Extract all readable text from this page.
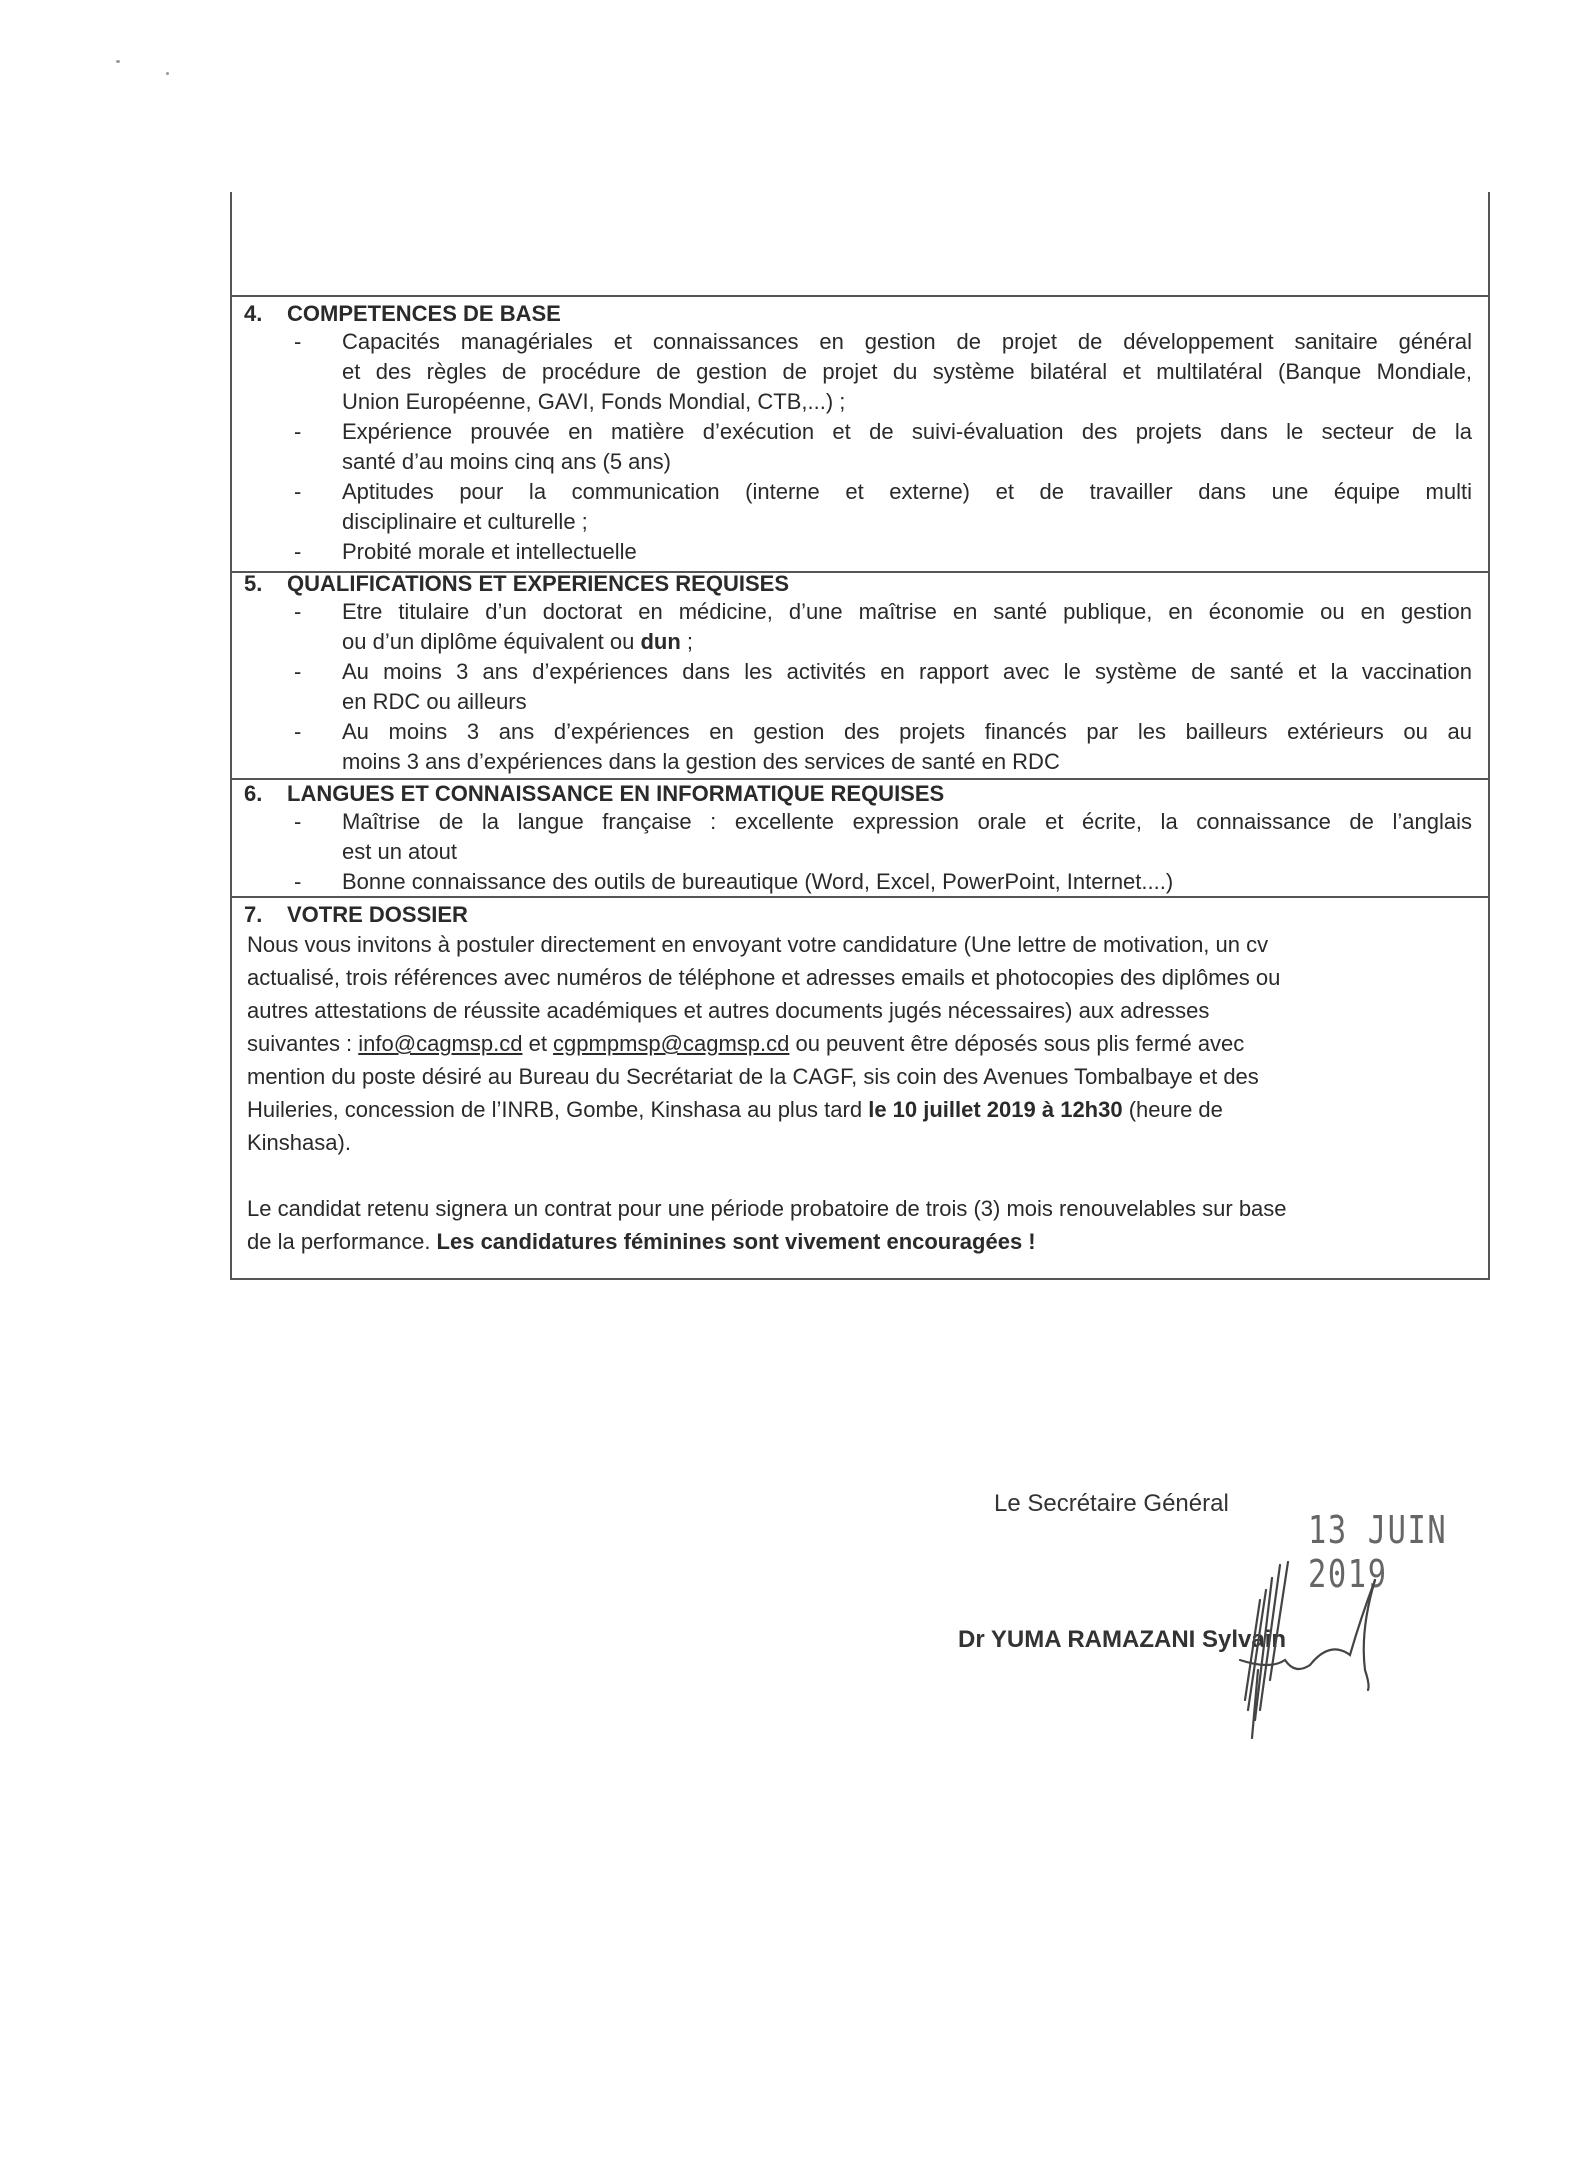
4. COMPETENCES DE BASE
- Capacités managériales et connaissances en gestion de projet de développement sanitaire général
et des règles de procédure de gestion de projet du système bilatéral et multilatéral (Banque Mondiale,
Union Européenne, GAVI, Fonds Mondial, CTB,...) ;
- Expérience prouvée en matière d’exécution et de suivi-évaluation des projets dans le secteur de la
santé d’au moins cinq ans (5 ans)
- Aptitudes pour la communication (interne et externe) et de travailler dans une équipe multi
disciplinaire et culturelle ;
- Probité morale et intellectuelle
5. QUALIFICATIONS ET EXPERIENCES REQUISES
- Etre titulaire d’un doctorat en médicine, d’une maîtrise en santé publique, en économie ou en gestion
ou d’un diplôme équivalent ou dun ;
- Au moins 3 ans d’expériences dans les activités en rapport avec le système de santé et la vaccination
en RDC ou ailleurs
- Au moins 3 ans d’expériences en gestion des projets financés par les bailleurs extérieurs ou au
moins 3 ans d’expériences dans la gestion des services de santé en RDC
6. LANGUES ET CONNAISSANCE EN INFORMATIQUE REQUISES
- Maîtrise de la langue française : excellente expression orale et écrite, la connaissance de l’anglais
est un atout
- Bonne connaissance des outils de bureautique (Word, Excel, PowerPoint, Internet....)
7. VOTRE DOSSIER
Nous vous invitons à postuler directement en envoyant votre candidature (Une lettre de motivation, un cv
actualisé, trois références avec numéros de téléphone et adresses emails et photocopies des diplômes ou
autres attestations de réussite académiques et autres documents jugés nécessaires) aux adresses
suivantes : info@cagmsp.cd et cgpmpmsp@cagmsp.cd ou peuvent être déposés sous plis fermé avec
mention du poste désiré au Bureau du Secrétariat de la CAGF, sis coin des Avenues Tombalbaye et des
Huileries, concession de l’INRB, Gombe, Kinshasa au plus tard le 10 juillet 2019 à 12h30 (heure de
Kinshasa).
Le candidat retenu signera un contrat pour une période probatoire de trois (3) mois renouvelables sur base
de la performance. Les candidatures féminines sont vivement encouragées !
Le Secrétaire Général
13 JUIN 2019
Dr YUMA RAMAZANI Sylvain
